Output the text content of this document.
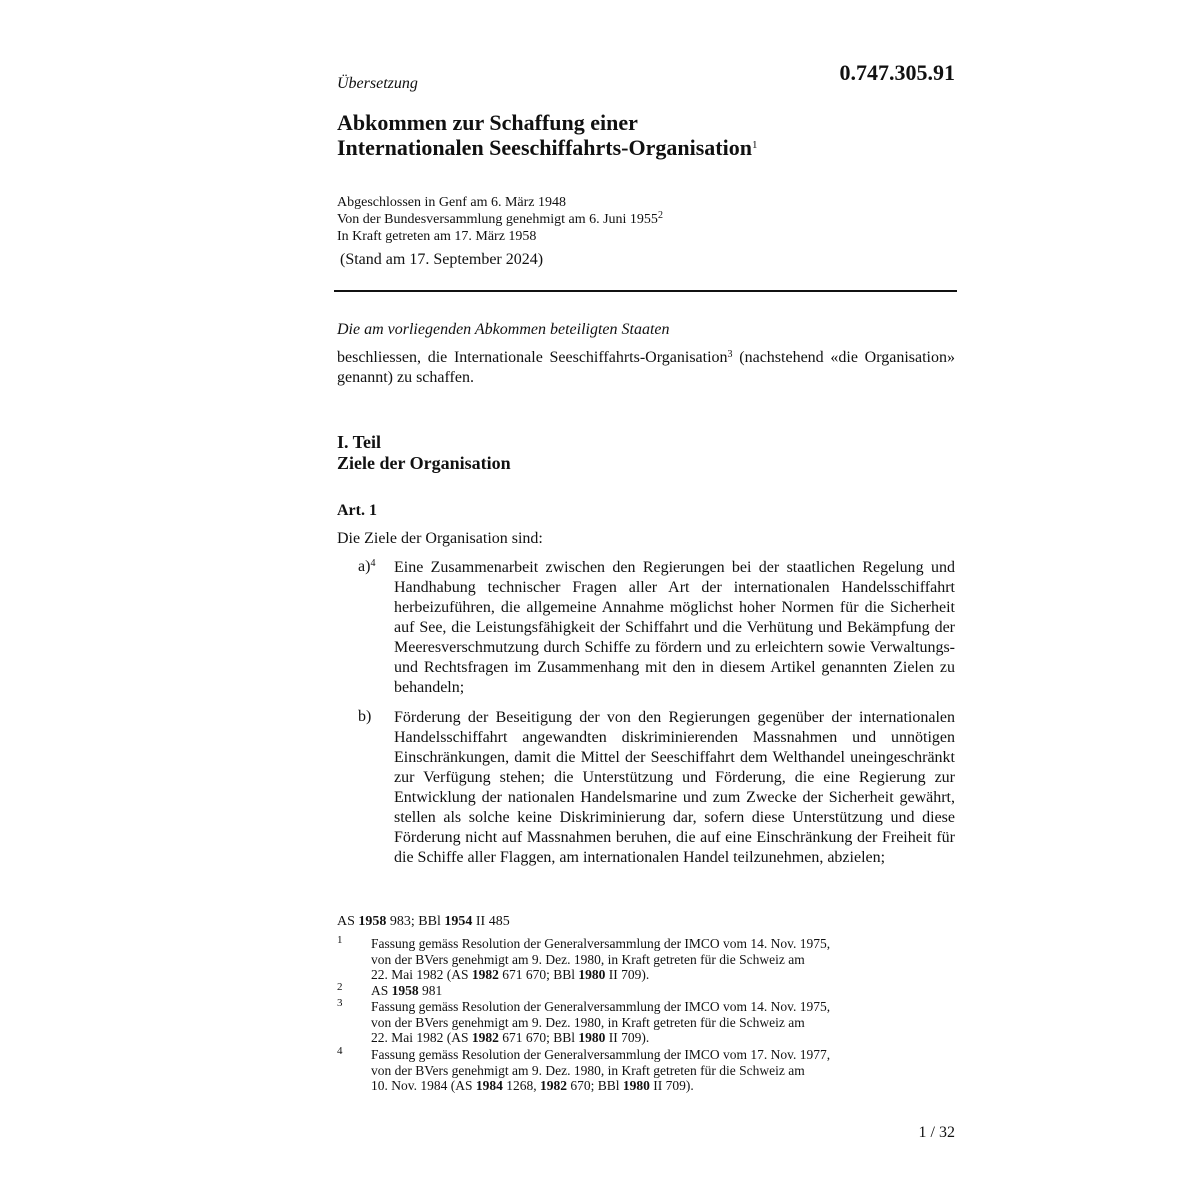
0.747.305.91
Übersetzung
Abkommen zur Schaffung einer
Internationalen Seeschiffahrts-Organisation$^1$
Abgeschlossen in Genf am 6. März 1948
Von der Bundesversammlung genehmigt am 6. Juni 1955$^2$
In Kraft getreten am 17. März 1958
(Stand am 17. September 2024)
Die am vorliegenden Abkommen beteiligten Staaten
beschliessen, die Internationale Seeschiffahrts-Organisation$^3$ (nachstehend «die Organisation» genannt) zu schaffen.
I. Teil
Ziele der Organisation
Art. 1
Die Ziele der Organisation sind:
a)$^4$ Eine Zusammenarbeit zwischen den Regierungen bei der staatlichen Regelung und Handhabung technischer Fragen aller Art der internationalen Handelsschiffahrt herbeizuführen, die allgemeine Annahme möglichst hoher Normen für die Sicherheit auf See, die Leistungsfähigkeit der Schiffahrt und die Verhütung und Bekämpfung der Meeresverschmutzung durch Schiffe zu fördern und zu erleichtern sowie Verwaltungs- und Rechtsfragen im Zusammenhang mit den in diesem Artikel genannten Zielen zu behandeln;
b) Förderung der Beseitigung der von den Regierungen gegenüber der internationalen Handelsschiffahrt angewandten diskriminierenden Massnahmen und unnötigen Einschränkungen, damit die Mittel der Seeschiffahrt dem Welthandel uneingeschränkt zur Verfügung stehen; die Unterstützung und Förderung, die eine Regierung zur Entwicklung der nationalen Handelsmarine und zum Zwecke der Sicherheit gewährt, stellen als solche keine Diskriminierung dar, sofern diese Unterstützung und diese Förderung nicht auf Massnahmen beruhen, die auf eine Einschränkung der Freiheit für die Schiffe aller Flaggen, am internationalen Handel teilzunehmen, abzielen;
AS 1958 983; BBl 1954 II 485
1 Fassung gemäss Resolution der Generalversammlung der IMCO vom 14. Nov. 1975,
von der BVers genehmigt am 9. Dez. 1980, in Kraft getreten für die Schweiz am
22. Mai 1982 (AS 1982 671 670; BBl 1980 II 709).
2 AS 1958 981
3 Fassung gemäss Resolution der Generalversammlung der IMCO vom 14. Nov. 1975,
von der BVers genehmigt am 9. Dez. 1980, in Kraft getreten für die Schweiz am
22. Mai 1982 (AS 1982 671 670; BBl 1980 II 709).
4 Fassung gemäss Resolution der Generalversammlung der IMCO vom 17. Nov. 1977,
von der BVers genehmigt am 9. Dez. 1980, in Kraft getreten für die Schweiz am
10. Nov. 1984 (AS 1984 1268, 1982 670; BBl 1980 II 709).
1 / 32
